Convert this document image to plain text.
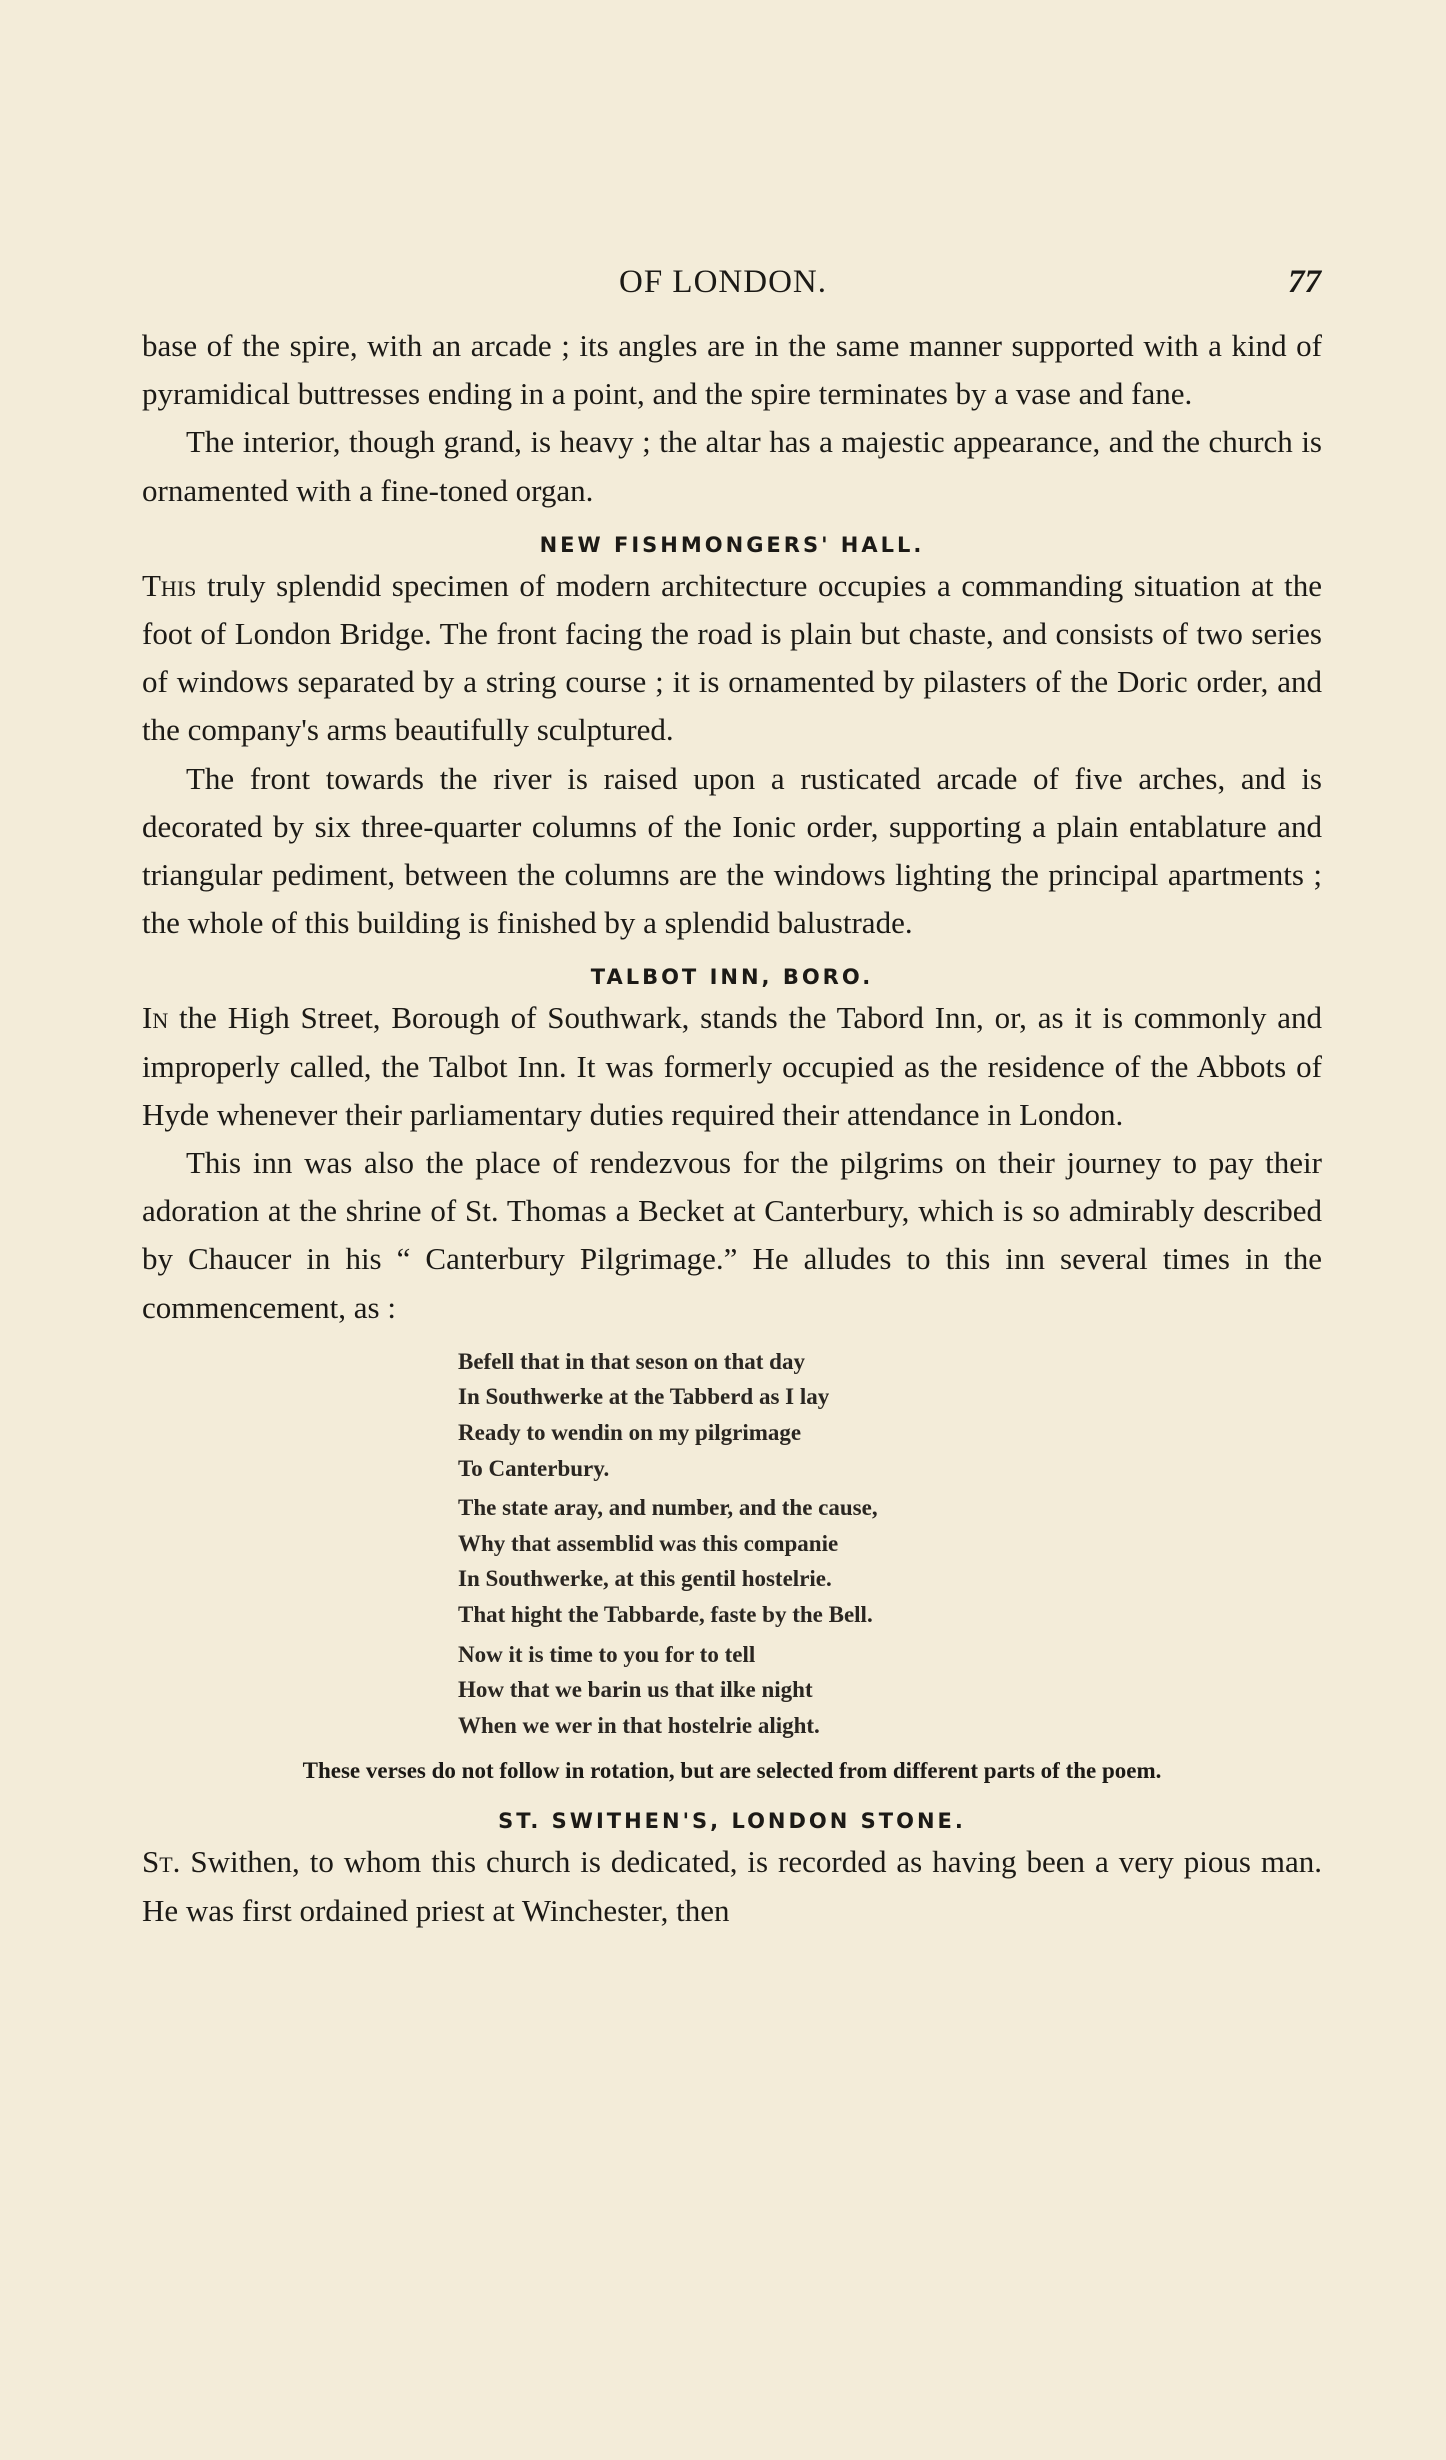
OF LONDON.	77

base of the spire, with an arcade ; its angles are in the same manner supported with a kind of pyramidical buttresses ending in a point, and the spire terminates by a vase and fane.

The interior, though grand, is heavy ; the altar has a majestic appearance, and the church is ornamented with a fine-toned organ.

NEW FISHMONGERS' HALL.

This truly splendid specimen of modern architecture occupies a commanding situation at the foot of London Bridge. The front facing the road is plain but chaste, and consists of two series of windows separated by a string course ; it is ornamented by pilasters of the Doric order, and the company's arms beautifully sculptured.

The front towards the river is raised upon a rusticated arcade of five arches, and is decorated by six three-quarter columns of the Ionic order, supporting a plain entablature and triangular pediment, between the columns are the windows lighting the principal apartments ; the whole of this building is finished by a splendid balustrade.

TALBOT INN, BORO.

In the High Street, Borough of Southwark, stands the Tabord Inn, or, as it is commonly and improperly called, the Talbot Inn. It was formerly occupied as the residence of the Abbots of Hyde whenever their parliamentary duties required their attendance in London.

This inn was also the place of rendezvous for the pilgrims on their journey to pay their adoration at the shrine of St. Thomas a Becket at Canterbury, which is so admirably described by Chaucer in his “ Canterbury Pilgrimage.” He alludes to this inn several times in the commencement, as :

Befell that in that seson on that day
In Southwerke at the Tabberd as I lay
Ready to wendin on my pilgrimage
To Canterbury.
The state aray, and number, and the cause,
Why that assemblid was this companie
In Southwerke, at this gentil hostelrie.
That hight the Tabbarde, faste by the Bell.
Now it is time to you for to tell
How that we barin us that ilke night
When we wer in that hostelrie alight.

These verses do not follow in rotation, but are selected from different parts of the poem.

ST. SWITHEN'S, LONDON STONE.

St. Swithen, to whom this church is dedicated, is recorded as having been a very pious man. He was first ordained priest at Winchester, then
